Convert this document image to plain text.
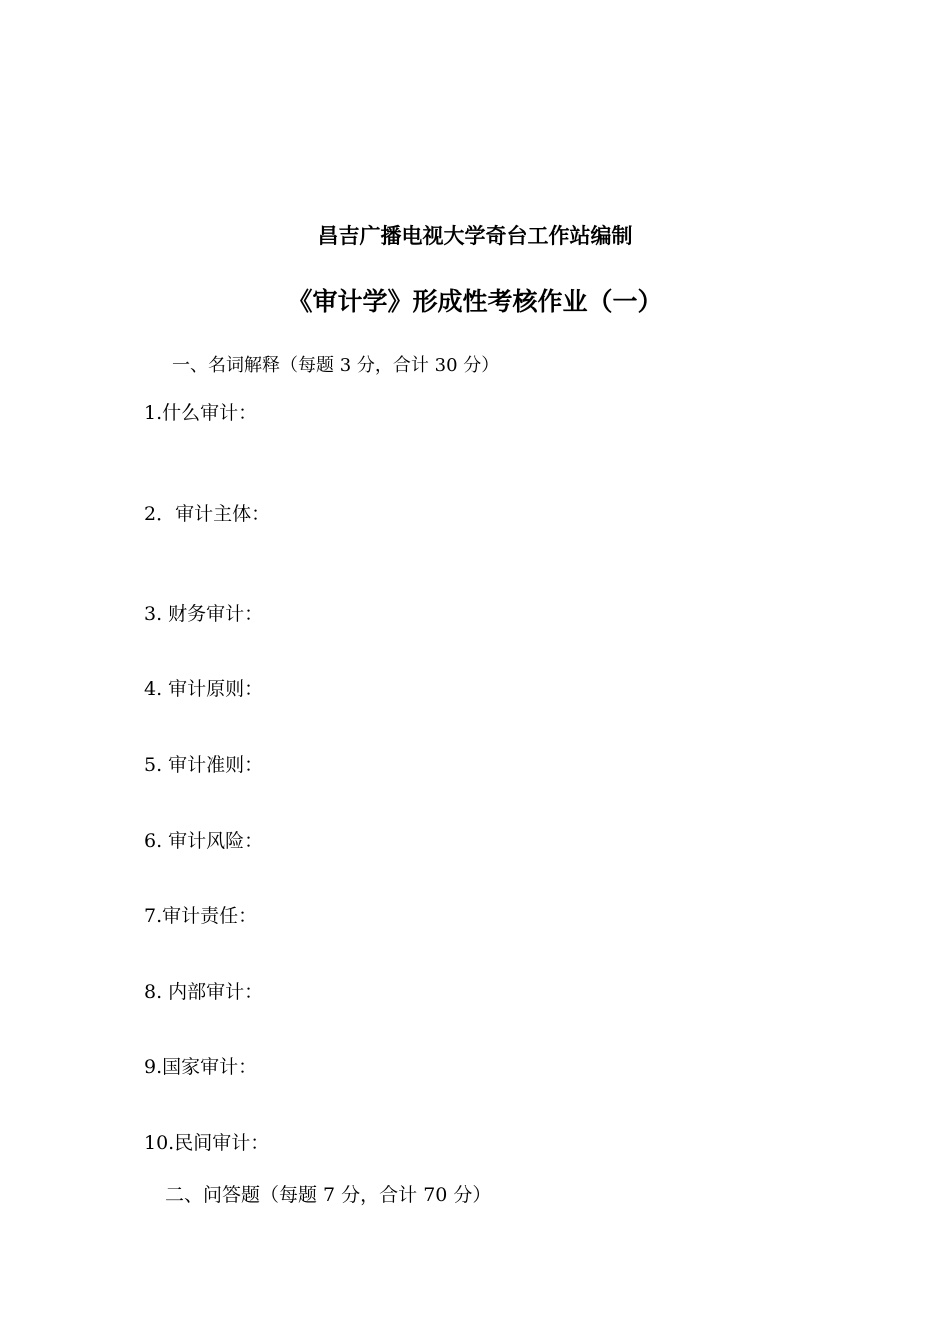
昌吉广播电视大学奇台工作站编制
《审计学》形成性考核作业（一）
一、名词解释（每题 3 分，合计 30 分）
1.什么审计：
2．审计主体：
3. 财务审计：
4. 审计原则：
5. 审计准则：
6. 审计风险：
7.审计责任：
8. 内部审计：
9.国家审计：
10.民间审计：
二、问答题（每题 7 分，合计 70 分）
